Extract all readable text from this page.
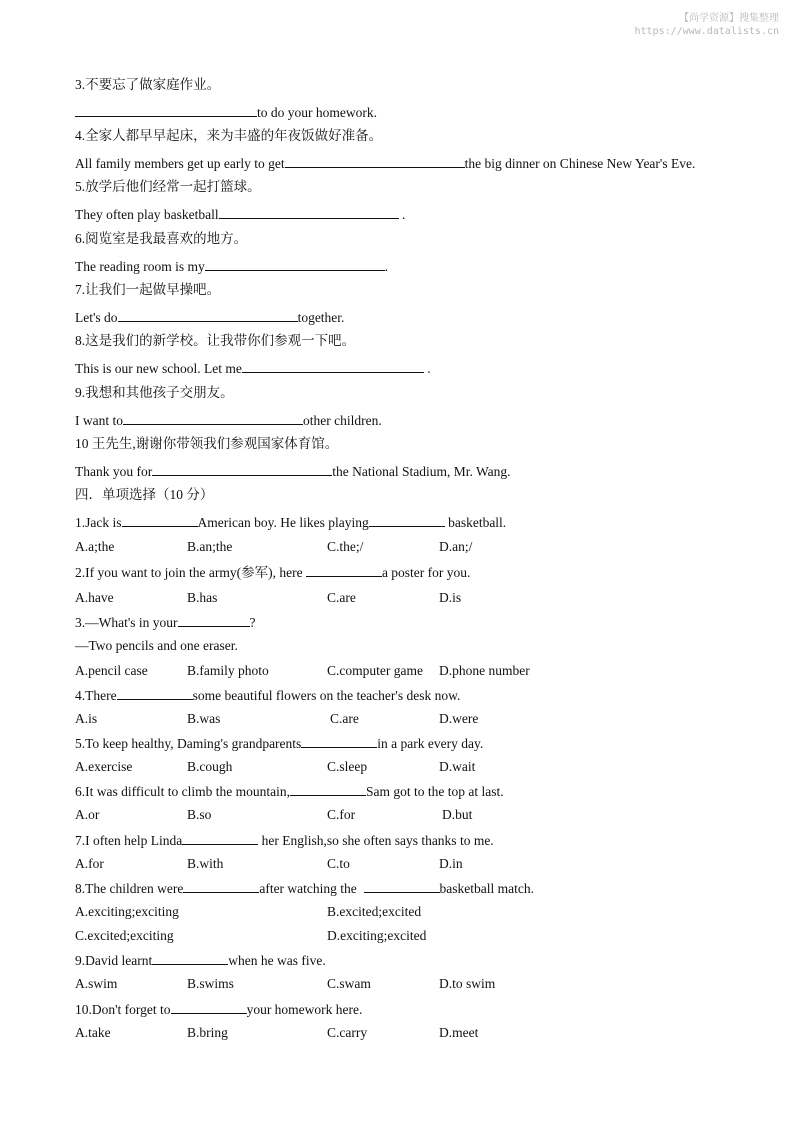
【尚学资源】搜集整理
https://www.datalists.cn
3.不要忘了做家庭作业。
to do your homework.
4.全家人都早早起床，来为丰盛的年夜饭做好准备。
All family members get up early to get	the big dinner on Chinese New Year's Eve.
5.放学后他们经常一起打篮球。
They often play basketball	.
6.阅览室是我最喜欢的地方。
The reading room is my	.
7.让我们一起做早操吧。
Let's do	together.
8.这是我们的新学校。让我带你们参观一下吧。
This is our new school. Let me	.
9.我想和其他孩子交朋友。
I want to	other children.
10 王先生,谢谢你带领我们参观国家体育馆。
Thank you for	the National Stadium, Mr. Wang.
四．单项选择（10 分）
1.Jack is	American boy. He likes playing	basketball.
A.a;the	B.an;the	C.the;/	D.an;/
2.If you want to join the army(参军), here	a poster for you.
A.have	B.has	C.are	D.is
3.—What's in your	?
—Two pencils and one eraser.
A.pencil case	B.family photo	C.computer game D.phone number
4.There	some beautiful flowers on the teacher's desk now.
A.is	B.was	C.are	D.were
5.To keep healthy, Daming's grandparents	in a park every day.
A.exercise	B.cough	C.sleep	D.wait
6.It was difficult to climb the mountain,	Sam got to the top at last.
A.or	B.so	C.for	D.but
7.I often help Linda	her English,so she often says thanks to me.
A.for	B.with	C.to	D.in
8.The children were	after watching the	basketball match.
A.exciting;exciting	B.excited;excited
C.excited;exciting	D.exciting;excited
9.David learnt	when he was five.
A.swim	B.swims	C.swam	D.to swim
10.Don't forget to	your homework here.
A.take	B.bring	C.carry	D.meet
